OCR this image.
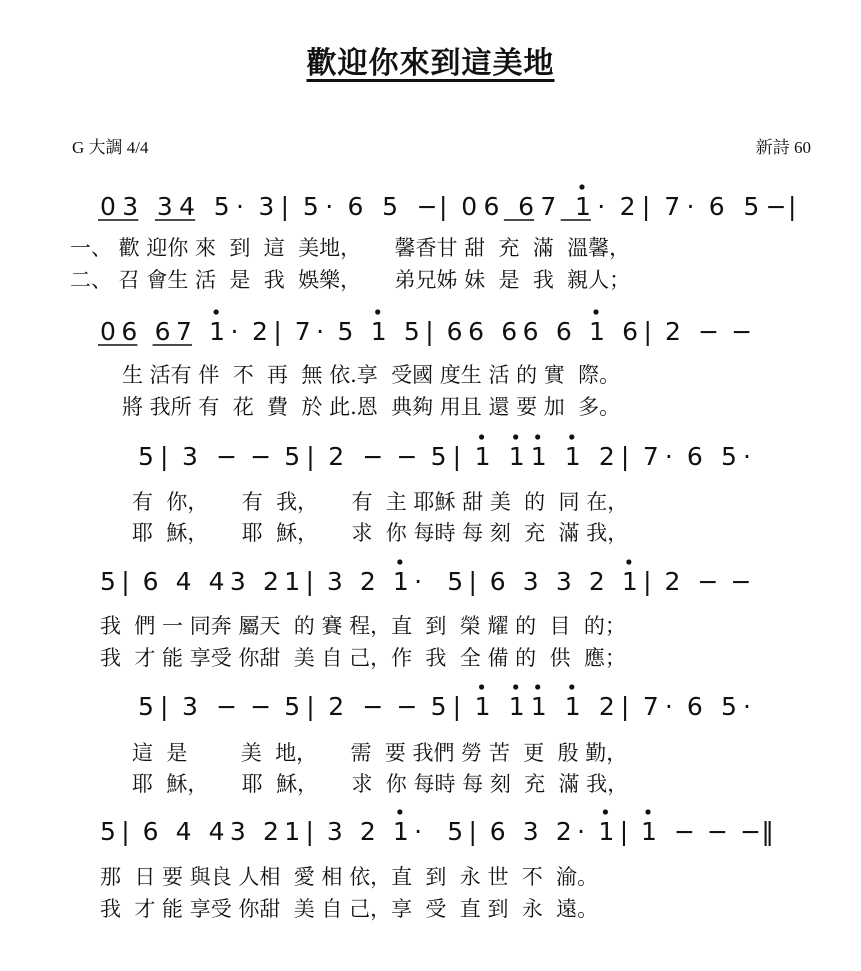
歡迎你來到這美地
G 大調 4/4	新詩 60
0 3 3 4 5 · 3 | 5 · 6 5 − | 0 6 6 7 1 · 2 | 7 · 6 5 − |
0 6 6 7 1 · 2 | 7 · 5 1 5 | 6 6 6 6 6 1 6 | 2 − −
5 | 3 − − 5 | 2 − − 5 | 1 1 1 1 2 | 7 · 6 5 ·
5 | 6 4 4 3 2 1 | 3 2 1 · 5 | 6 3 3 2 1 | 2 − −
5 | 3 − − 5 | 2 − − 5 | 1 1 1 1 2 | 7 · 6 5 ·
5 | 6 4 4 3 2 1 | 3 2 1 · 5 | 6 3 2 · 1 | 1 − − − ‖
一、 歡 迎你 來  到  這  美地，     馨香甘 甜  充  滿  溫馨，
二、 召 會生 活  是  我  娛樂，     弟兄姊 妹  是  我  親人；
生 活有 伴  不  再  無 依.享  受國 度生 活 的 實  際。
將 我所 有  花  費  於 此.恩  典夠 用且 還 要 加  多。
有  你，     有  我，     有  主 耶穌 甜 美  的  同 在，
耶  穌，     耶  穌，     求  你 每時 每 刻  充  滿 我，
我  們 一 同奔 屬天  的 賽 程，直  到  榮 耀 的  目  的；
我  才 能 享受 你甜  美 自 己，作  我  全 備 的  供  應；
這  是        美  地，     需  要 我們 勞 苦  更  殷 勤，
耶  穌，     耶  穌，     求  你 每時 每 刻  充  滿 我，
那  日 要 與良 人相  愛 相 依，直  到  永 世  不  渝。
我  才 能 享受 你甜  美 自 己，享  受  直 到  永  遠。
